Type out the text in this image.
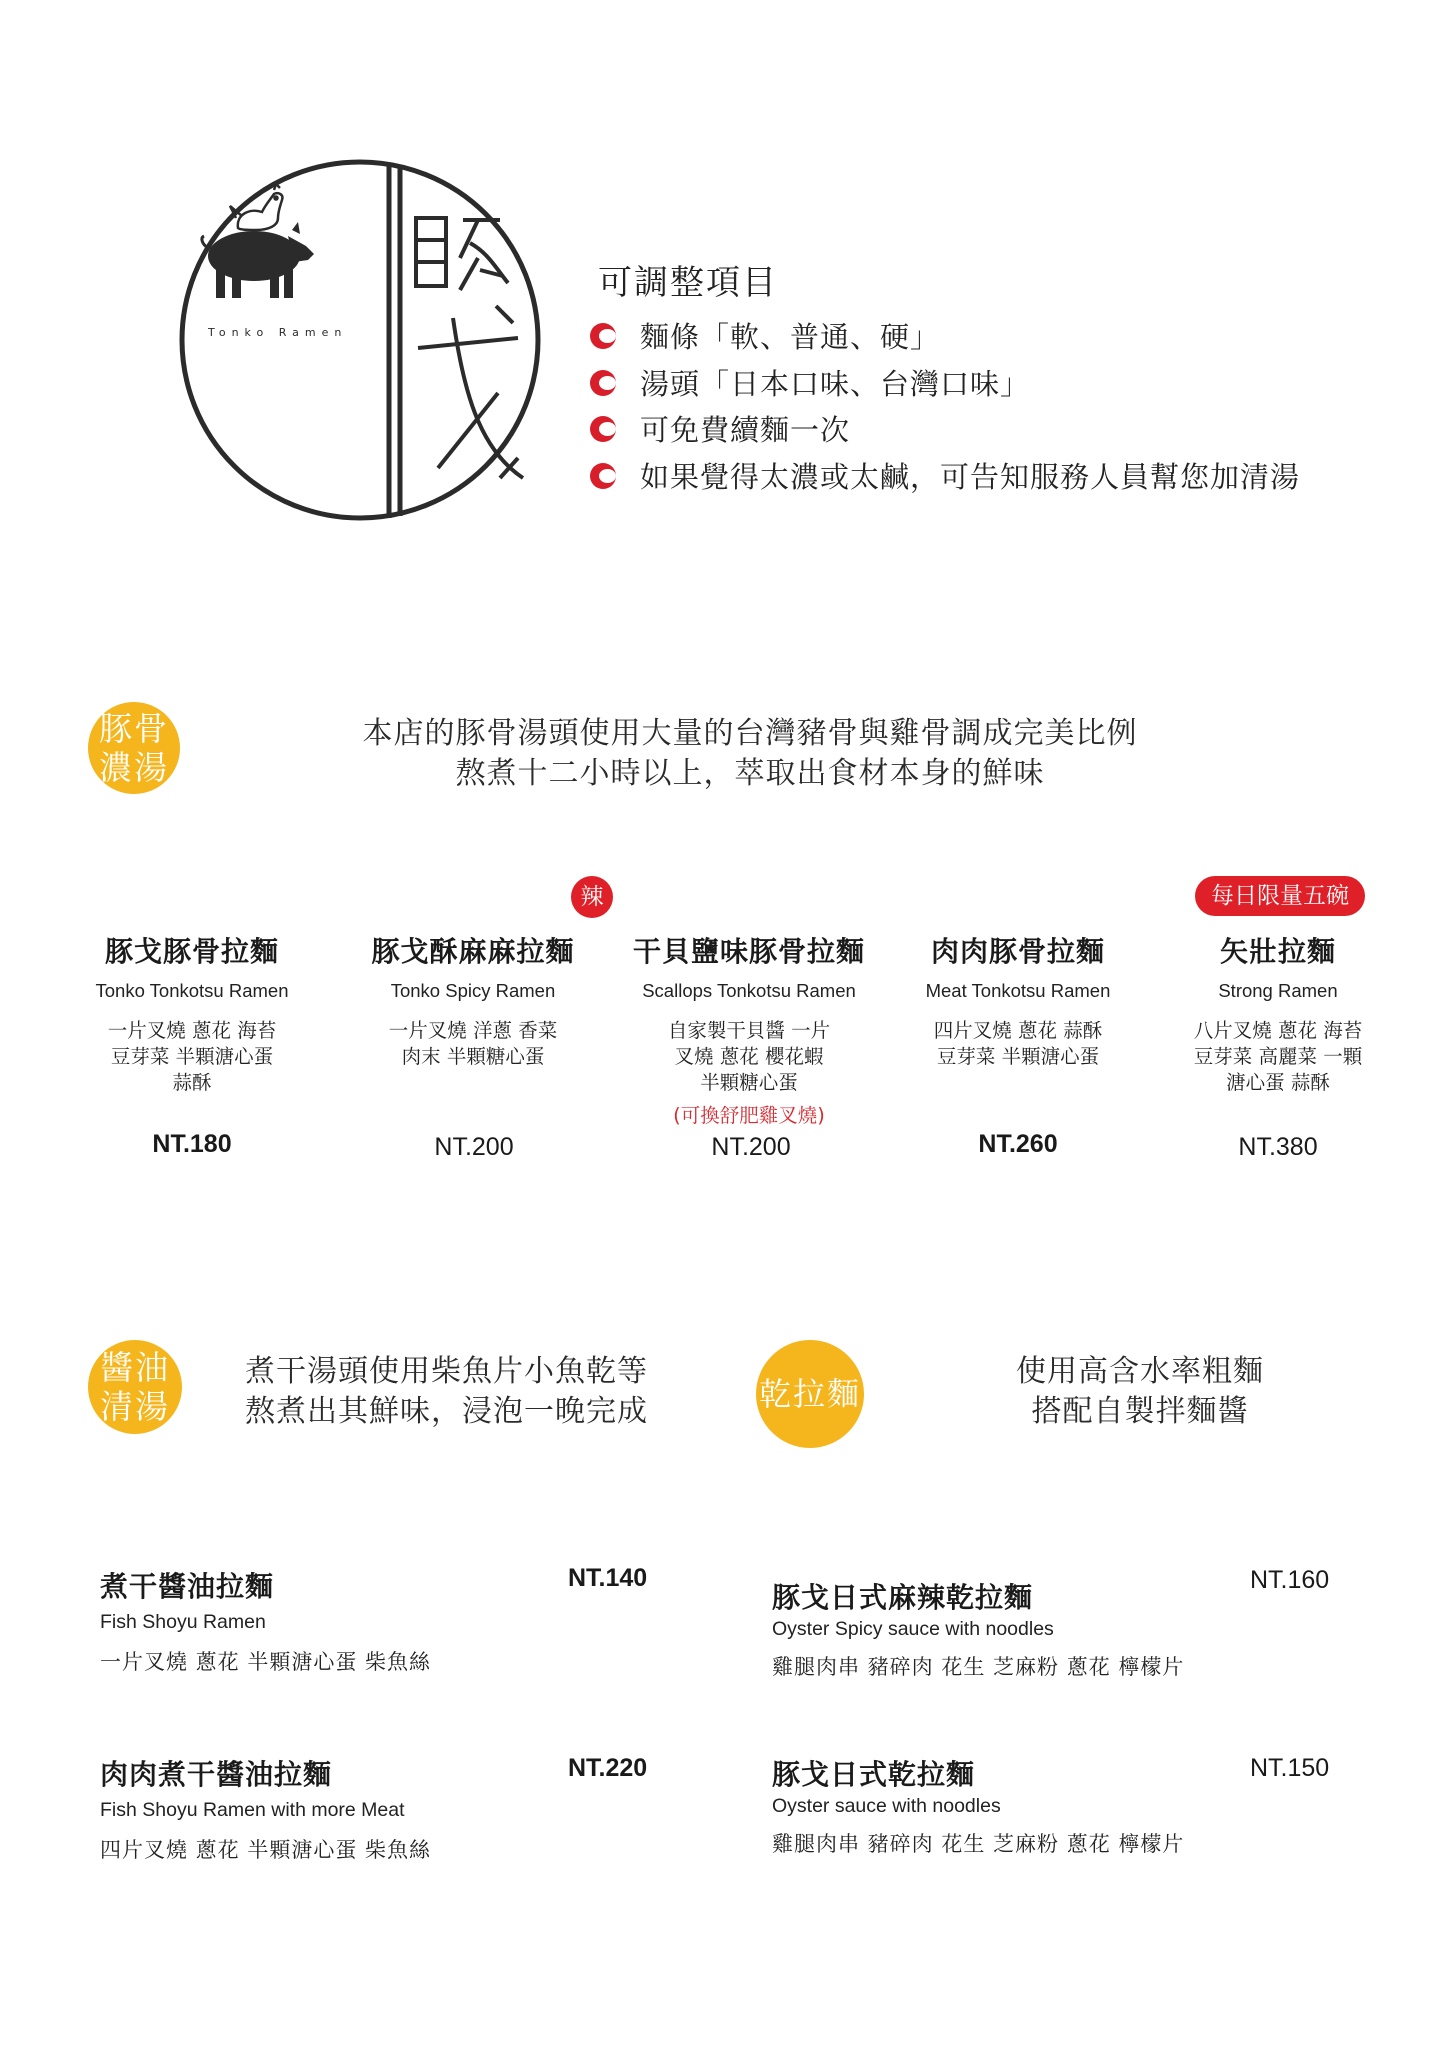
Tonko Ramen
可調整項目
麵條「軟、普通、硬」
湯頭「日本口味、台灣口味」
可免費續麵一次
如果覺得太濃或太鹹，可告知服務人員幫您加清湯
豚骨
濃湯
本店的豚骨湯頭使用大量的台灣豬骨與雞骨調成完美比例
熬煮十二小時以上，萃取出食材本身的鮮味
辣	每日限量五碗
豚戈豚骨拉麵
Tonko Tonkotsu Ramen
一片叉燒 蔥花 海苔 豆芽菜 半顆溏心蛋 蒜酥
豚戈酥麻麻拉麵
Tonko Spicy Ramen
一片叉燒 洋蔥 香菜 肉末 半顆糖心蛋
干貝鹽味豚骨拉麵
Scallops Tonkotsu Ramen
自家製干貝醬 一片叉燒 蔥花 櫻花蝦 半顆糖心蛋
(可換舒肥雞叉燒)
肉肉豚骨拉麵
Meat Tonkotsu Ramen
四片叉燒 蔥花 蒜酥 豆芽菜 半顆溏心蛋
矢壯拉麵
Strong Ramen
八片叉燒 蔥花 海苔 豆芽菜 高麗菜 一顆溏心蛋 蒜酥
NT.180	NT.200	NT.200	NT.260	NT.380
醬油
清湯
煮干湯頭使用柴魚片小魚乾等
熬煮出其鮮味，浸泡一晚完成	乾拉麵
使用高含水率粗麵
搭配自製拌麵醬
煮干醬油拉麵
Fish Shoyu Ramen
一片叉燒 蔥花 半顆溏心蛋 柴魚絲
NT.140
肉肉煮干醬油拉麵
Fish Shoyu Ramen with more Meat
四片叉燒 蔥花 半顆溏心蛋 柴魚絲
NT.220
豚戈日式麻辣乾拉麵
Oyster Spicy sauce with noodles
雞腿肉串 豬碎肉 花生 芝麻粉 蔥花 檸檬片
NT.160
豚戈日式乾拉麵
Oyster sauce with noodles
雞腿肉串 豬碎肉 花生 芝麻粉 蔥花 檸檬片
NT.150
